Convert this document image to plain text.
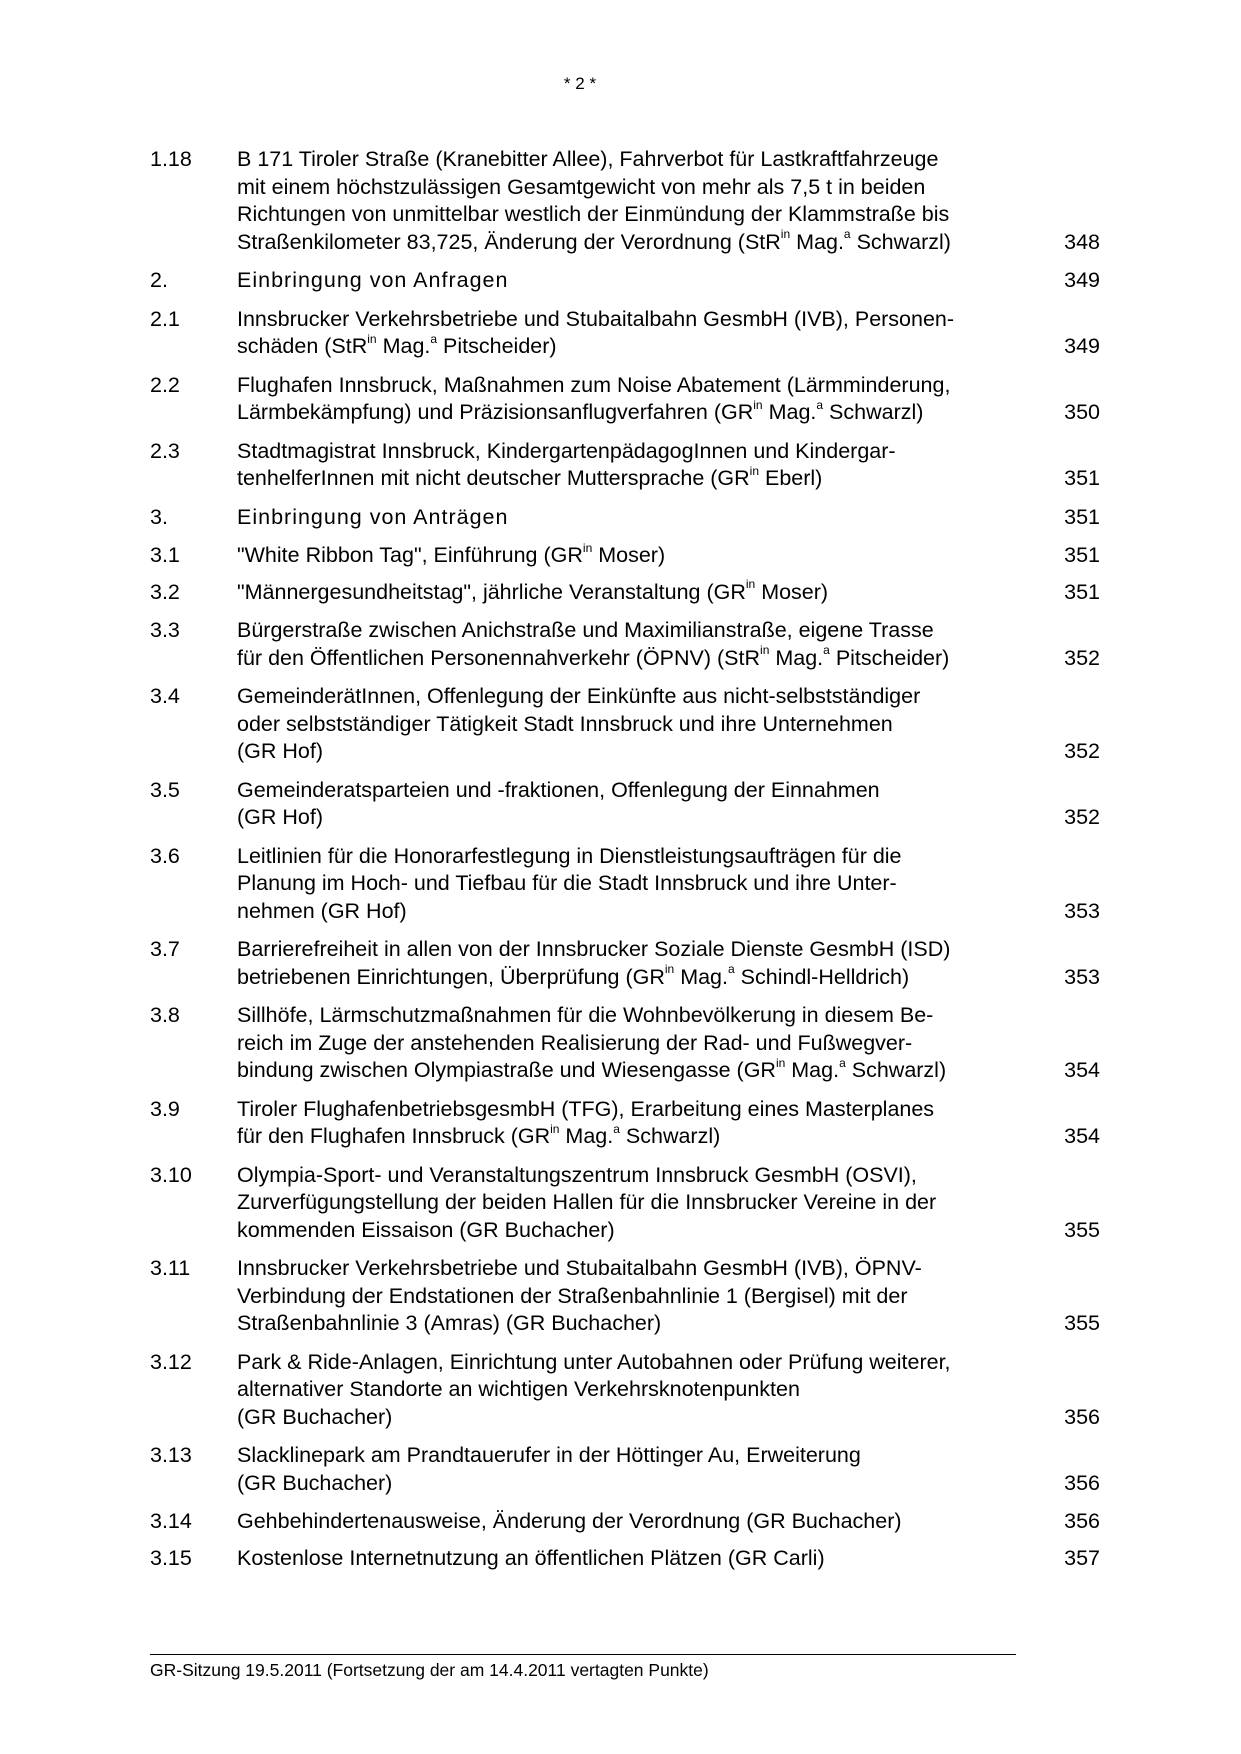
* 2 *
1.18	B 171 Tiroler Straße (Kranebitter Allee), Fahrverbot für Lastkraftfahrzeuge
mit einem höchstzulässigen Gesamtgewicht von mehr als 7,5 t in beiden
Richtungen von unmittelbar westlich der Einmündung der Klammstraße bis
Straßenkilometer 83,725, Änderung der Verordnung (StR$^{in}$ Mag.$^a$ Schwarzl)	348
2.	Einbringung von Anfragen	349
2.1	Innsbrucker Verkehrsbetriebe und Stubaitalbahn GesmbH (IVB), Personen-
schäden (StR$^{in}$ Mag.$^a$ Pitscheider)	349
2.2	Flughafen Innsbruck, Maßnahmen zum Noise Abatement (Lärmminderung,
Lärmbekämpfung) und Präzisionsanflugverfahren ($GR^{in}$ Mag.$^a$ Schwarzl)	350
2.3	Stadtmagistrat Innsbruck, KindergartenpädagogInnen und Kindergar-
tenhelferInnen mit nicht deutscher Muttersprache ($GR^{in}$ Eberl)	351
3.	Einbringung von Anträgen	351
3.1	"White Ribbon Tag", Einführung ($GR^{in}$ Moser)	351
3.2	"Männergesundheitstag", jährliche Veranstaltung ($GR^{in}$ Moser)	351
3.3	Bürgerstraße zwischen Anichstraße und Maximilianstraße, eigene Trasse
für den Öffentlichen Personennahverkehr (ÖPNV) (StR$^{in}$ Mag.$^a$ Pitscheider)	352
3.4	GemeinderätInnen, Offenlegung der Einkünfte aus nicht-selbstständiger
oder selbstständiger Tätigkeit Stadt Innsbruck und ihre Unternehmen
(GR Hof)	352
3.5	Gemeinderatsparteien und -fraktionen, Offenlegung der Einnahmen
(GR Hof)	352
3.6	Leitlinien für die Honorarfestlegung in Dienstleistungsaufträgen für die
Planung im Hoch- und Tiefbau für die Stadt Innsbruck und ihre Unter-
nehmen (GR Hof)	353
3.7	Barrierefreiheit in allen von der Innsbrucker Soziale Dienste GesmbH (ISD)
betriebenen Einrichtungen, Überprüfung ($GR^{in}$ Mag.$^a$ Schindl-Helldrich)	353
3.8	Sillhöfe, Lärmschutzmaßnahmen für die Wohnbevölkerung in diesem Be-
reich im Zuge der anstehenden Realisierung der Rad- und Fußwegver-
bindung zwischen Olympiastraße und Wiesengasse ($GR^{in}$ Mag.$^a$ Schwarzl)	354
3.9	Tiroler FlughafenbetriebsgesmbH (TFG), Erarbeitung eines Masterplanes
für den Flughafen Innsbruck ($GR^{in}$ Mag.$^a$ Schwarzl)	354
3.10	Olympia-Sport- und Veranstaltungszentrum Innsbruck GesmbH (OSVI),
Zurverfügungstellung der beiden Hallen für die Innsbrucker Vereine in der
kommenden Eissaison (GR Buchacher)	355
3.11	Innsbrucker Verkehrsbetriebe und Stubaitalbahn GesmbH (IVB), ÖPNV-
Verbindung der Endstationen der Straßenbahnlinie 1 (Bergisel) mit der
Straßenbahnlinie 3 (Amras) (GR Buchacher)	355
3.12	Park & Ride-Anlagen, Einrichtung unter Autobahnen oder Prüfung weiterer,
alternativer Standorte an wichtigen Verkehrsknotenpunkten
(GR Buchacher)	356
3.13	Slacklinepark am Prandtauerufer in der Höttinger Au, Erweiterung
(GR Buchacher)	356
3.14	Gehbehindertenausweise, Änderung der Verordnung (GR Buchacher)	356
3.15	Kostenlose Internetnutzung an öffentlichen Plätzen (GR Carli)	357
GR-Sitzung 19.5.2011 (Fortsetzung der am 14.4.2011 vertagten Punkte)
